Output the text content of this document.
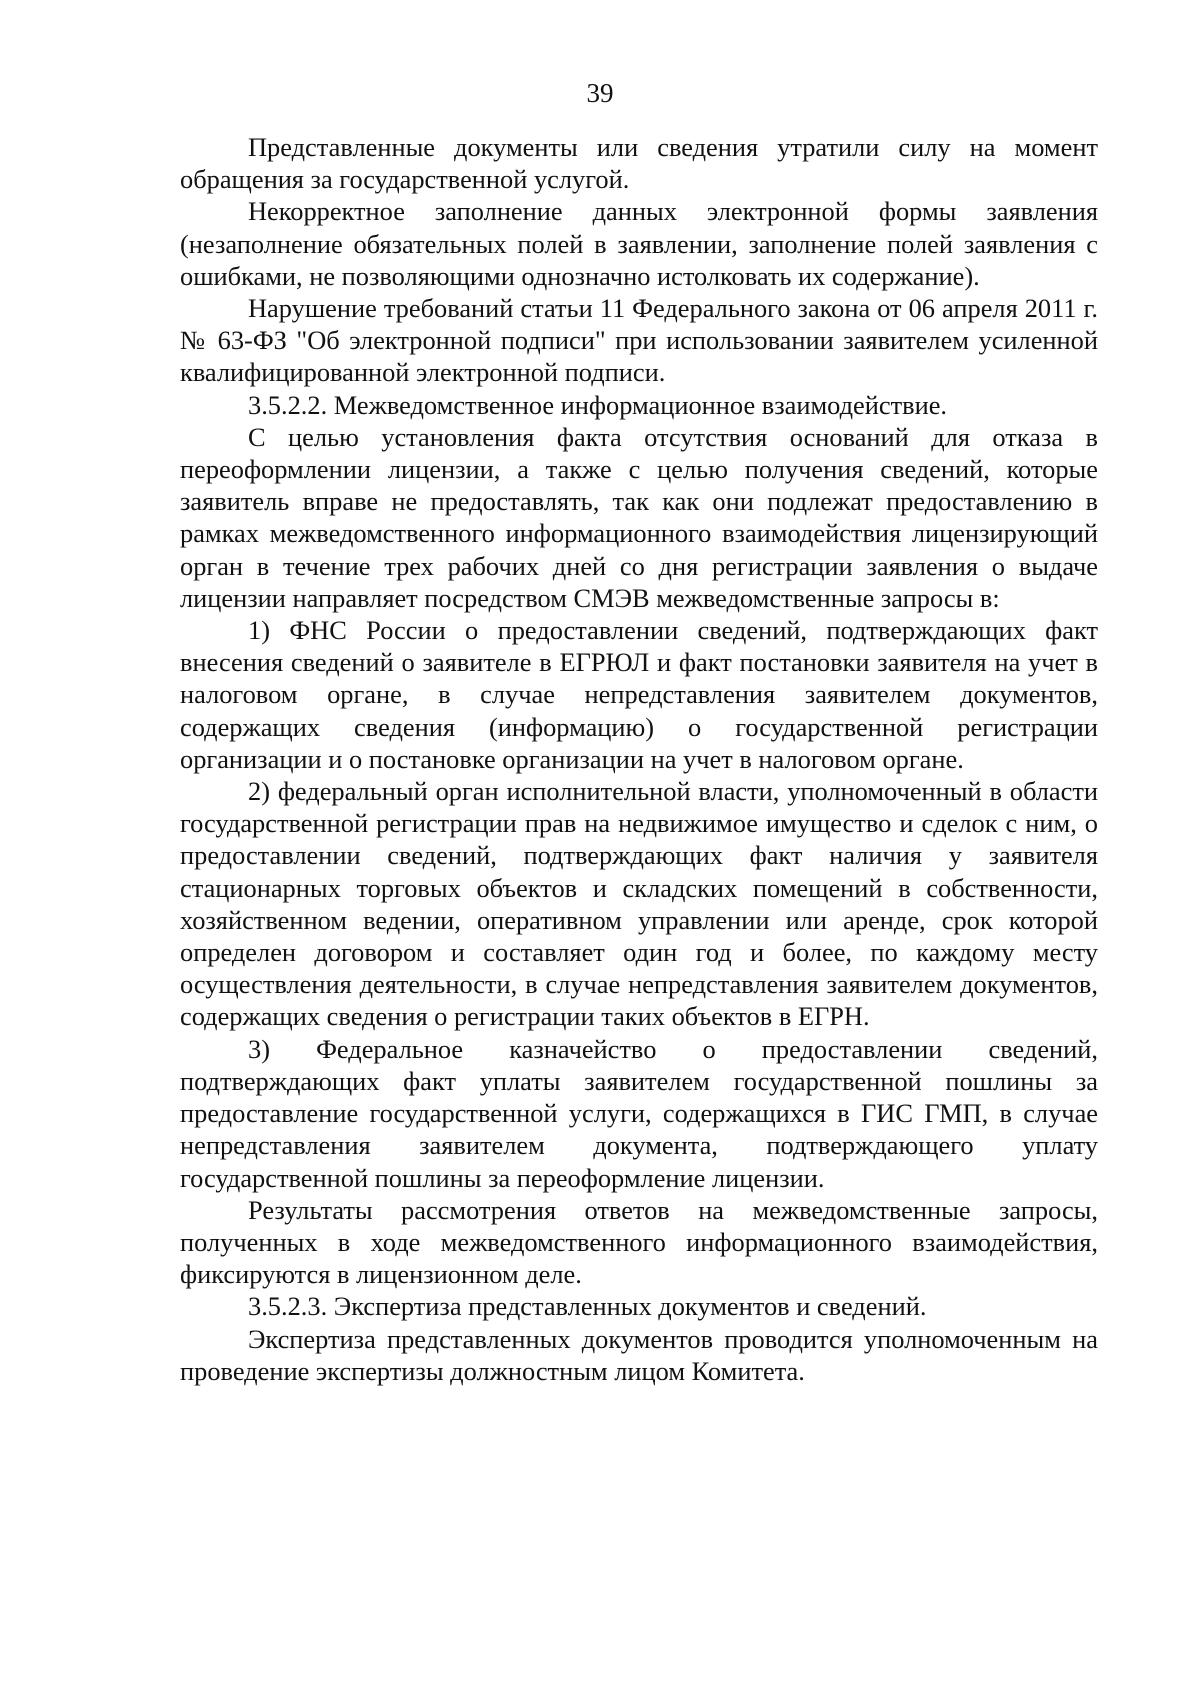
39

Представленные документы или сведения утратили силу на момент обращения за государственной услугой.

Некорректное заполнение данных электронной формы заявления (незаполнение обязательных полей в заявлении, заполнение полей заявления с ошибками, не позволяющими однозначно истолковать их содержание).

Нарушение требований статьи 11 Федерального закона от 06 апреля 2011 г. № 63-ФЗ "Об электронной подписи" при использовании заявителем усиленной квалифицированной электронной подписи.

3.5.2.2. Межведомственное информационное взаимодействие.

С целью установления факта отсутствия оснований для отказа в переоформлении лицензии, а также с целью получения сведений, которые заявитель вправе не предоставлять, так как они подлежат предоставлению в рамках межведомственного информационного взаимодействия лицензирующий орган в течение трех рабочих дней со дня регистрации заявления о выдаче лицензии направляет посредством СМЭВ межведомственные запросы в:

1) ФНС России о предоставлении сведений, подтверждающих факт внесения сведений о заявителе в ЕГРЮЛ и факт постановки заявителя на учет в налоговом органе, в случае непредставления заявителем документов, содержащих сведения (информацию) о государственной регистрации организации и о постановке организации на учет в налоговом органе.

2) федеральный орган исполнительной власти, уполномоченный в области государственной регистрации прав на недвижимое имущество и сделок с ним, о предоставлении сведений, подтверждающих факт наличия у заявителя стационарных торговых объектов и складских помещений в собственности, хозяйственном ведении, оперативном управлении или аренде, срок которой определен договором и составляет один год и более, по каждому месту осуществления деятельности, в случае непредставления заявителем документов, содержащих сведения о регистрации таких объектов в ЕГРН.

3) Федеральное казначейство о предоставлении сведений, подтверждающих факт уплаты заявителем государственной пошлины за предоставление государственной услуги, содержащихся в ГИС ГМП, в случае непредставления заявителем документа, подтверждающего уплату государственной пошлины за переоформление лицензии.

Результаты рассмотрения ответов на межведомственные запросы, полученных в ходе межведомственного информационного взаимодействия, фиксируются в лицензионном деле.

3.5.2.3. Экспертиза представленных документов и сведений.

Экспертиза представленных документов проводится уполномоченным на проведение экспертизы должностным лицом Комитета.
